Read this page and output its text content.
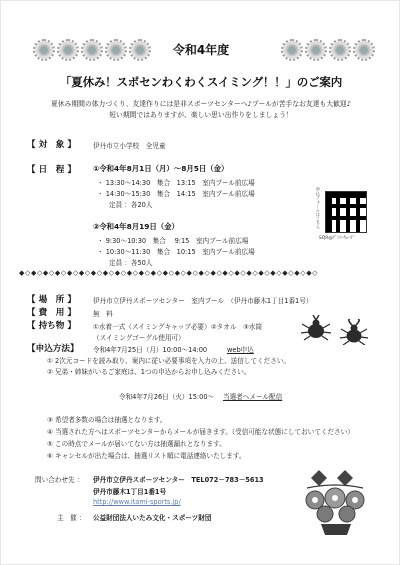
令和4年度
「夏休み！スポセンわくわくスイミング！！」のご案内
夏休み期間の体力づくり、友達作りには是非スポーツセンターへ♪プールが苦手なお友達も大歓迎♪
短い期間ではありますが、楽しい思い出作りをしましょう！
【 対　象 】	伊丹市立小学校　全児童
【 日　程 】 ①令和4年8月1日（月）～8月5日（金）
・ 13:30～14:30　集合　13:15　室内プール前広場
・ 14:30～15:30　集合　14:15　室内プール前広場
定員 ：各20人
②令和4年8月19日（金）
・ 9:30～10:30　集合　 9:15　室内プール前広場
・ 10:30～11:30　集合　10:15　室内プール前広場
定員 ：各50人
申込フォームはこちら
SQR@ﾃﾞﾝｿｰｳｪｰﾌﾞ
◆◇◆◇◆◇◆◇◆◇◆◇◆◇◆◇◆◇◆◇◆◇◆◇◆◇◆◇◆◇◆◇◆◇◆◇◆◇◆◇◆◇◆◇◆◇◆◇◆◇
【 場　所 】	伊丹市立伊丹スポーツセンター　室内プール　（伊丹市藤木1丁目1番1号）
【 費　用 】	無　料
【 持ち物 】	①水着一式（スイミングキャップ必要）②タオル　③水筒
（スイミングゴーグル使用可）
【申込方法】 令和4年7月25日（月）10:00～14:00	web申込
① 2次元コードを読み取り、案内に従い必要事項を入力の上、送信してください。
② 兄弟・姉妹がいるご家庭は、1つの申込からお申し込みください。
令和4年7月26日（火）15:00～ 当選者へメール配信
③ 希望者多数の場合は抽選となります。
④ 当選された方へはスポーツセンターからメールが届きます。（受信可能な状態にしておいてください）
⑤ この時点でメールが届いてない方は抽選漏れとなります。
⑥ キャンセルが出た場合は、抽選リスト順に電話連絡いたします。
問い合わせ先 ： 伊丹市立伊丹スポーツセンター　TEL072－783－5613
伊丹市藤木1丁目1番1号
http://www.itami-sports.jp/
主　催 ： 公益財団法人いたみ文化・スポーツ財団
